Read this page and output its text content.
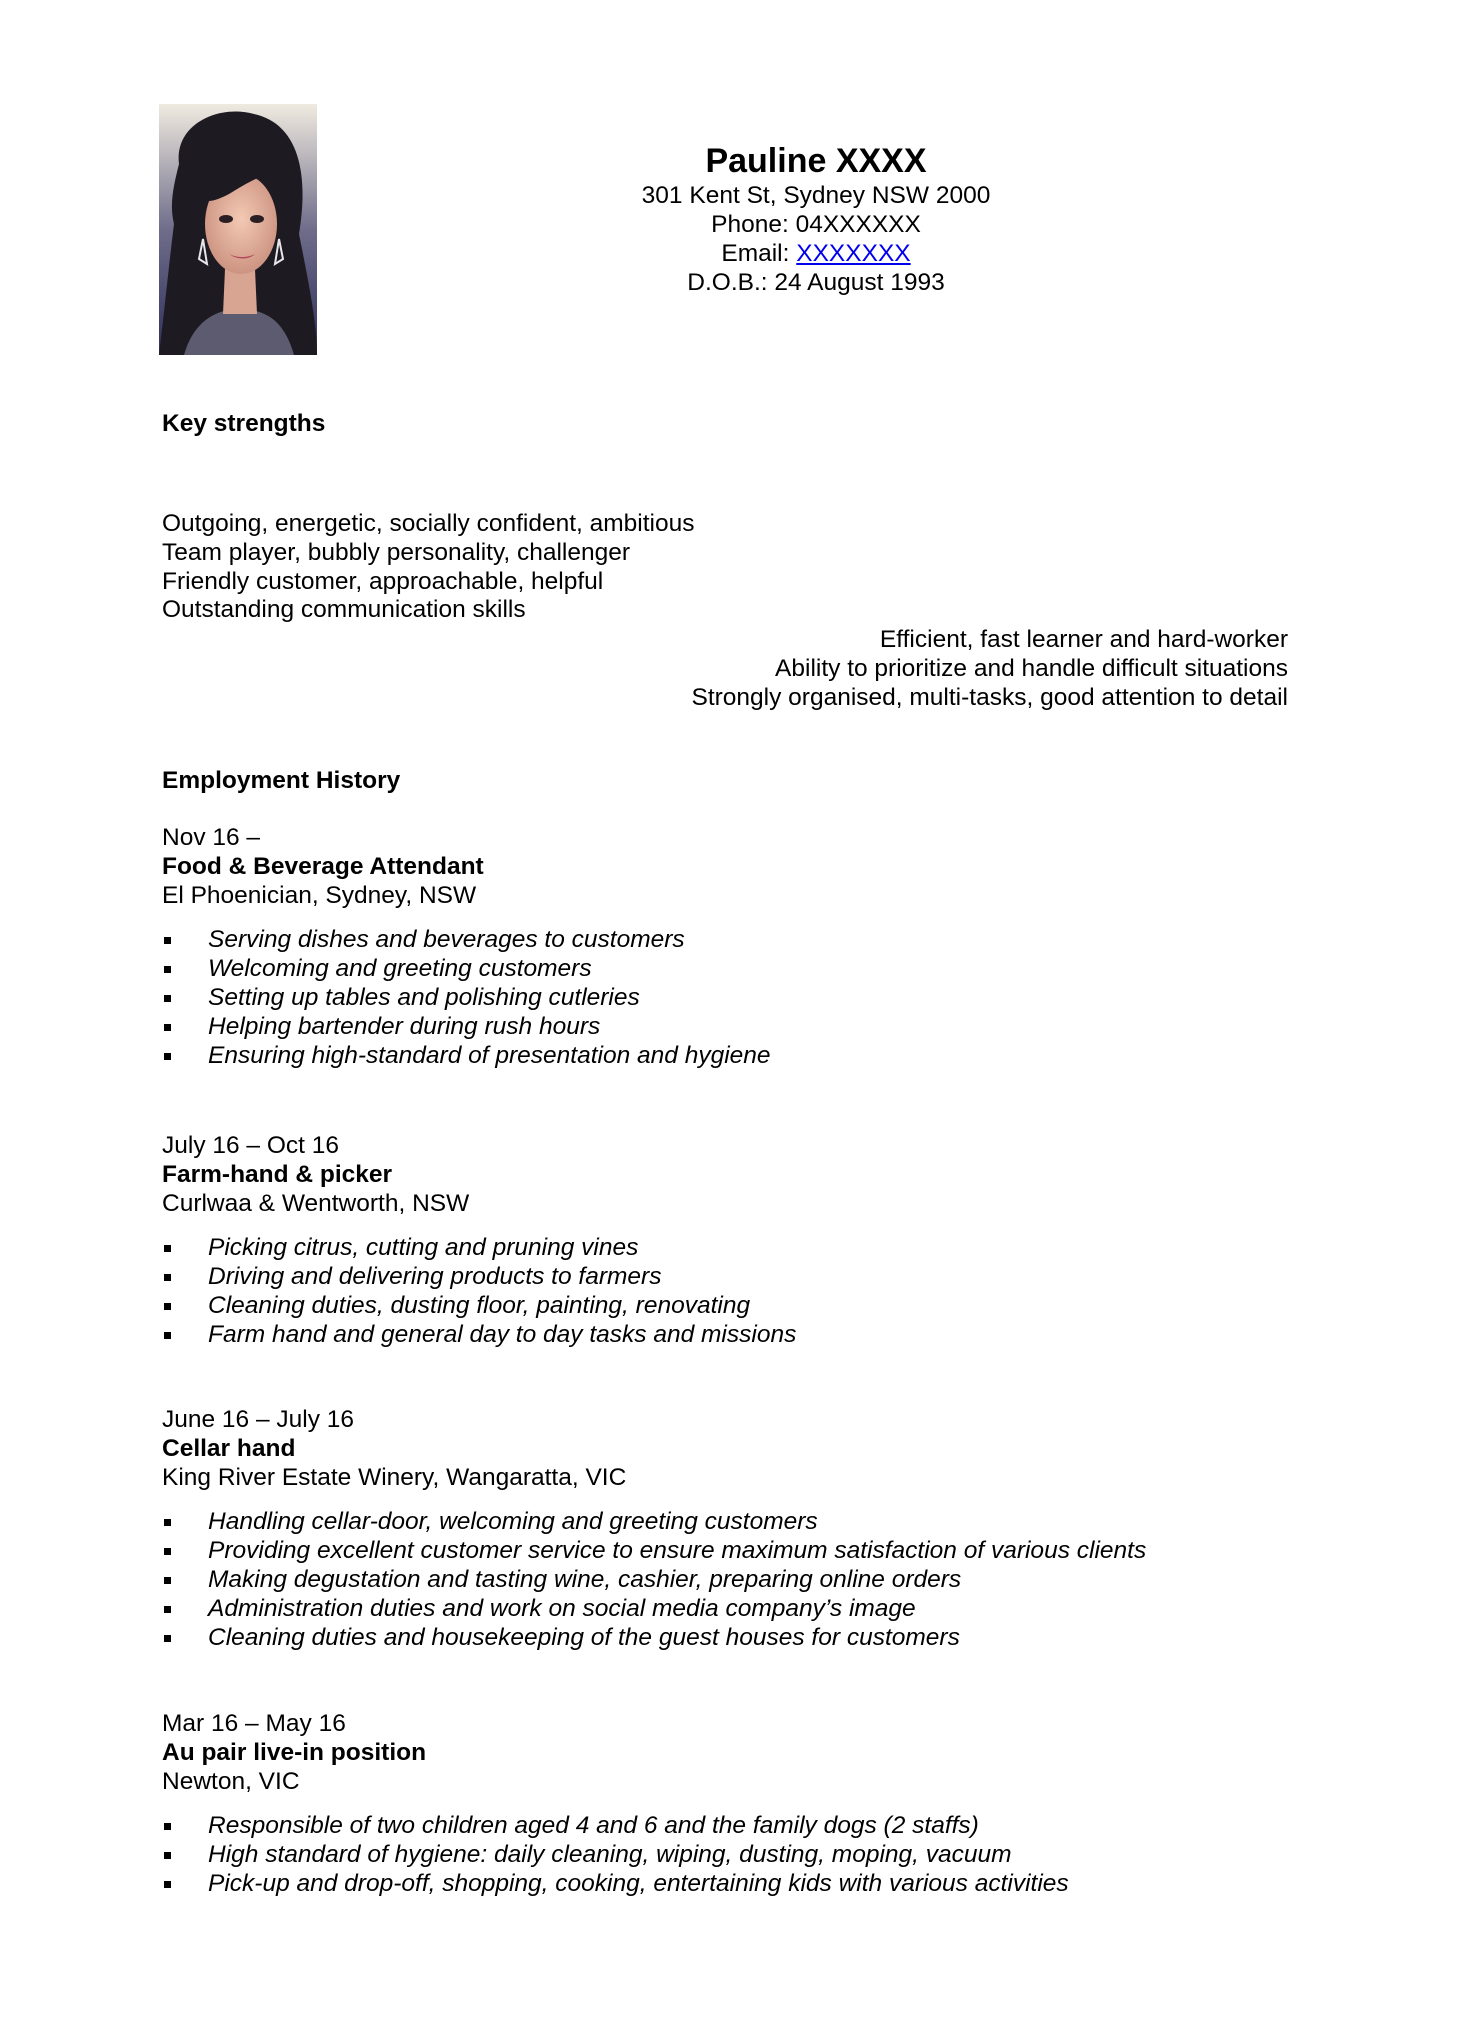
Pauline XXXX
301 Kent St, Sydney NSW 2000
Phone: 04XXXXXX
Email: XXXXXXX
D.O.B.: 24 August 1993
Key strengths
Outgoing, energetic, socially confident, ambitious
Team player, bubbly personality, challenger
Friendly customer, approachable, helpful
Outstanding communication skills
Efficient, fast learner and hard-worker
Ability to prioritize and handle difficult situations
Strongly organised, multi-tasks, good attention to detail
Employment History
Nov 16 –
Food & Beverage Attendant
El Phoenician, Sydney, NSW
Serving dishes and beverages to customers
Welcoming and greeting customers
Setting up tables and polishing cutleries
Helping bartender during rush hours
Ensuring high-standard of presentation and hygiene
July 16 – Oct 16
Farm-hand & picker
Curlwaa & Wentworth, NSW
Picking citrus, cutting and pruning vines
Driving and delivering products to farmers
Cleaning duties, dusting floor, painting, renovating
Farm hand and general day to day tasks and missions
June 16 – July 16
Cellar hand
King River Estate Winery, Wangaratta, VIC
Handling cellar-door, welcoming and greeting customers
Providing excellent customer service to ensure maximum satisfaction of various clients
Making degustation and tasting wine, cashier, preparing online orders
Administration duties and work on social media company’s image
Cleaning duties and housekeeping of the guest houses for customers
Mar 16 – May 16
Au pair live-in position
Newton, VIC
Responsible of two children aged 4 and 6 and the family dogs (2 staffs)
High standard of hygiene: daily cleaning, wiping, dusting, moping, vacuum
Pick-up and drop-off, shopping, cooking, entertaining kids with various activities
